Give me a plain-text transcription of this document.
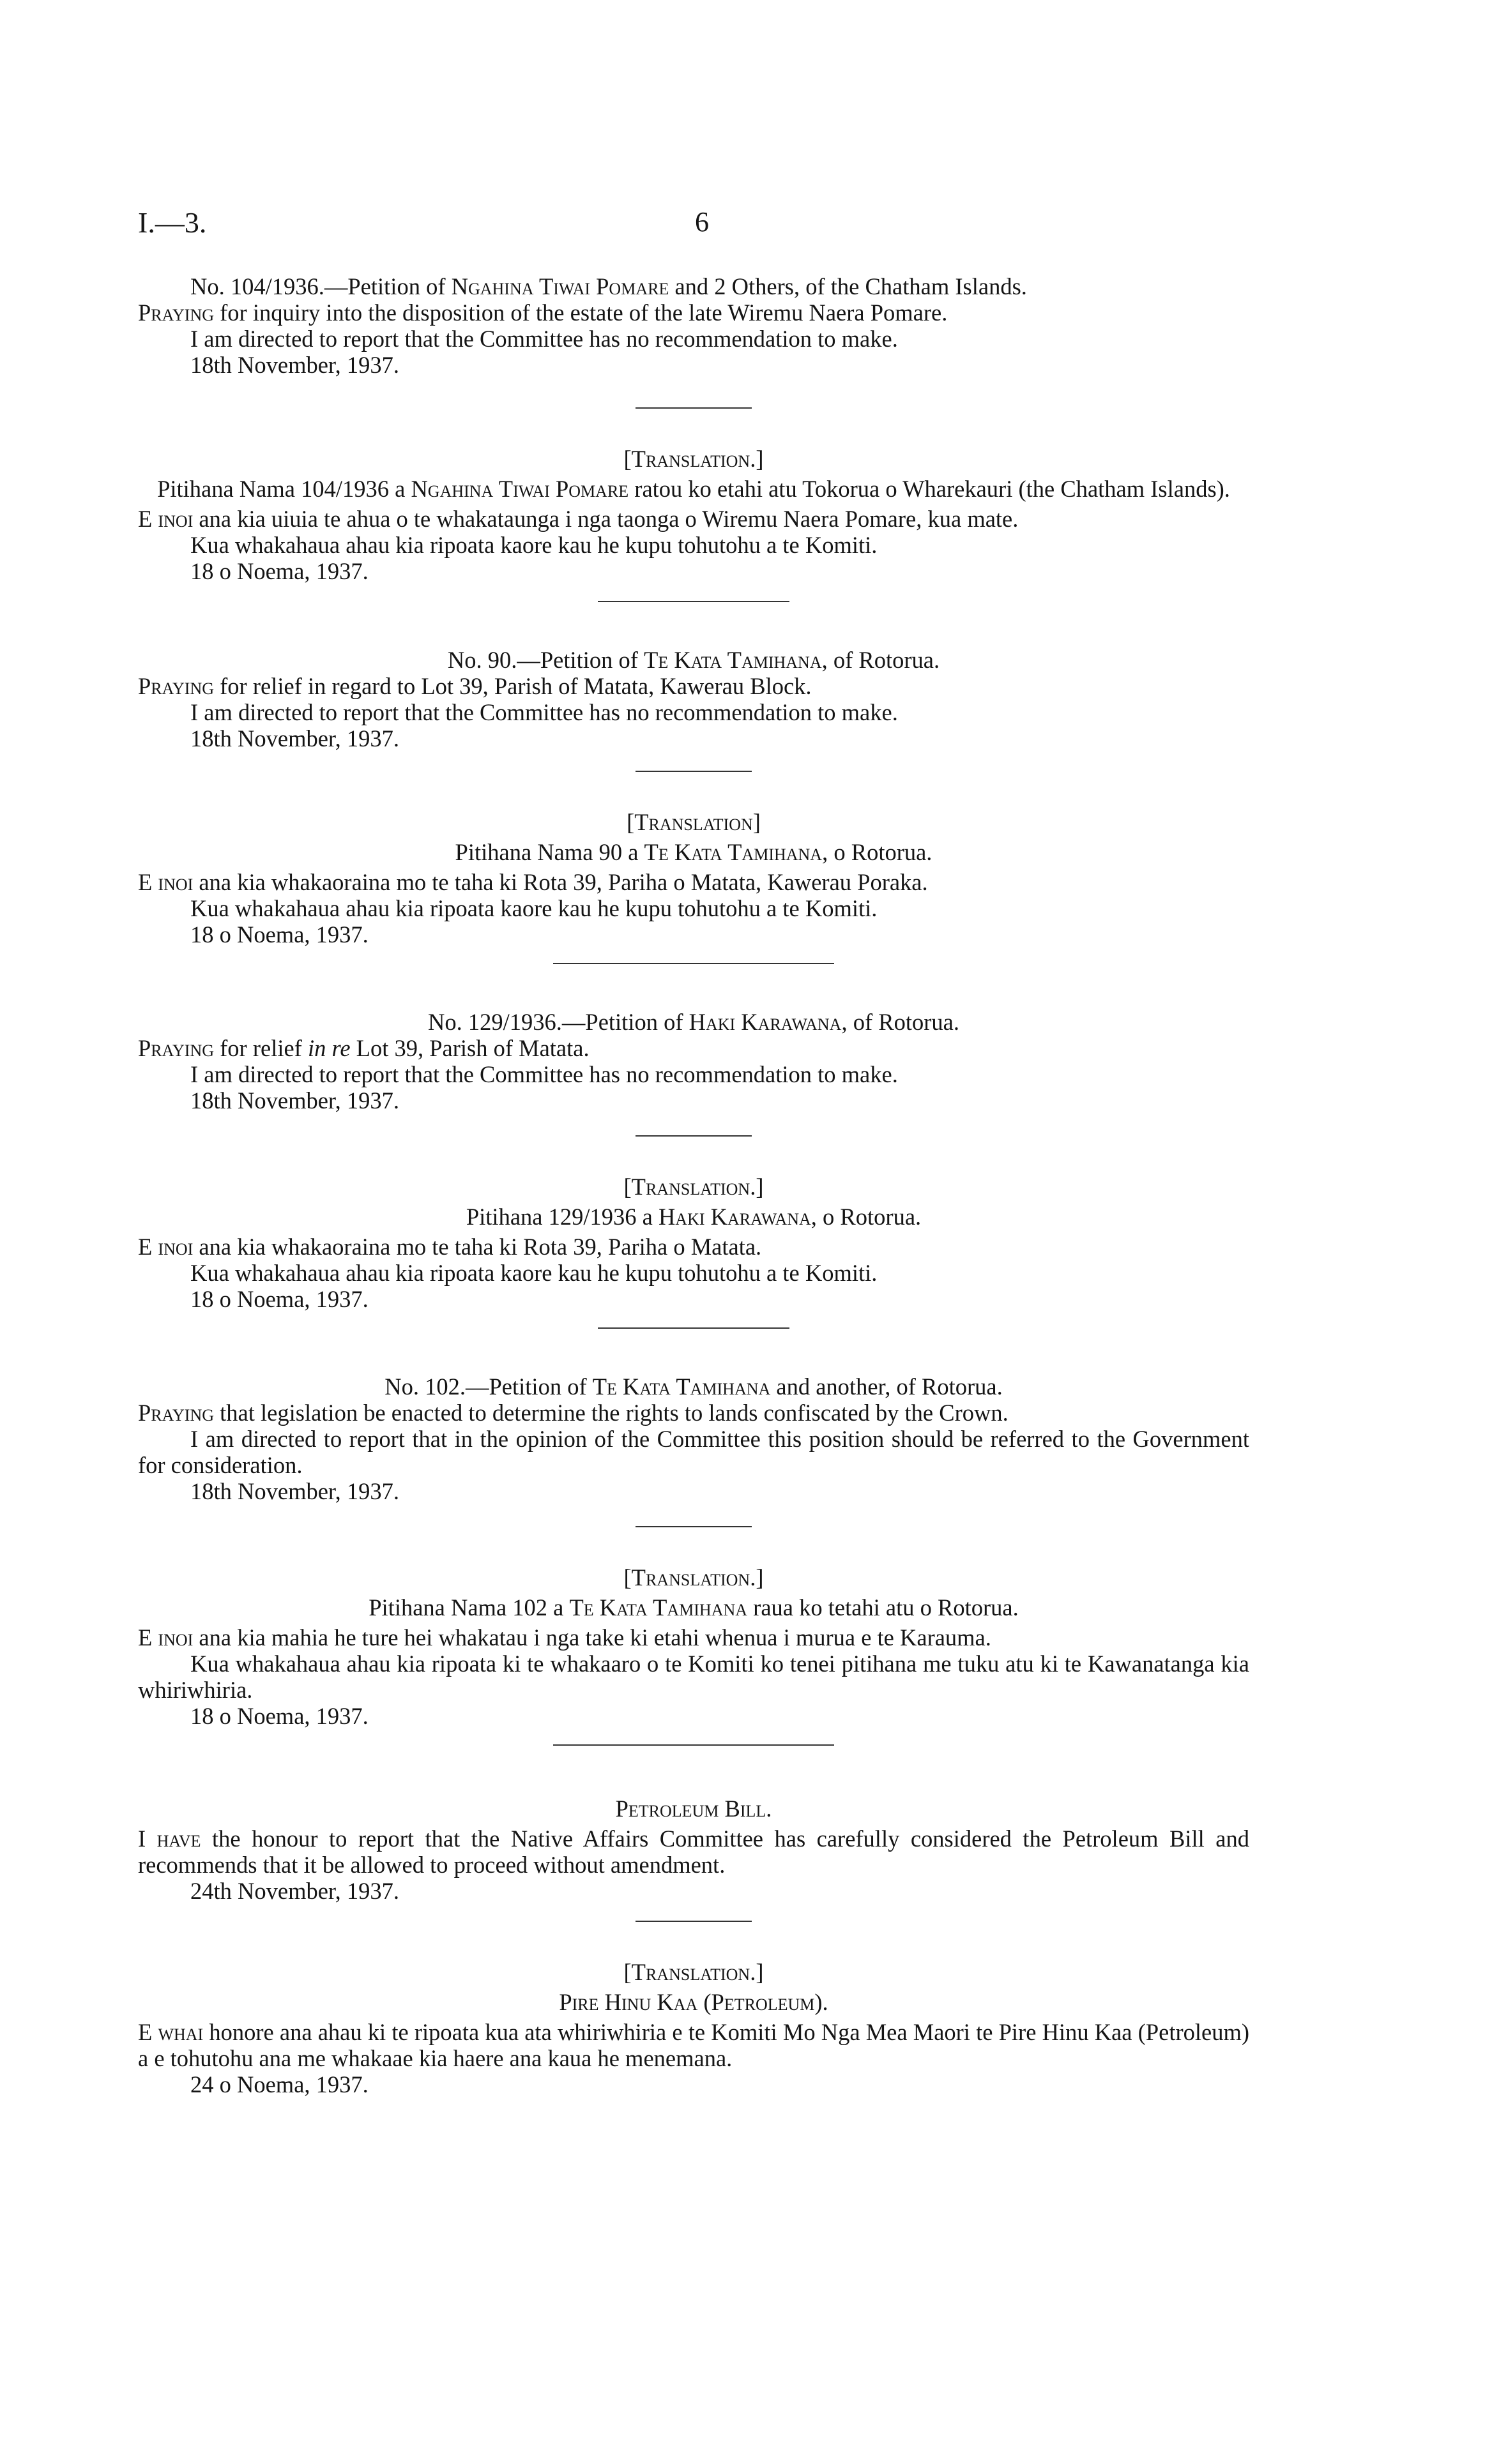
I.—3.	6

No. 104/1936.—Petition of Ngahina Tiwai Pomare and 2 Others, of the Chatham Islands.

Praying for inquiry into the disposition of the estate of the late Wiremu Naera Pomare.

I am directed to report that the Committee has no recommendation to make.

18th November, 1937.

[Translation.]

Pitihana Nama 104/1936 a Ngahina Tiwai Pomare ratou ko etahi atu Tokorua o Wharekauri (the Chatham Islands).

E inoi ana kia uiuia te ahua o te whakataunga i nga taonga o Wiremu Naera Pomare, kua mate.

Kua whakahaua ahau kia ripoata kaore kau he kupu tohutohu a te Komiti.

18 o Noema, 1937.

No. 90.—Petition of Te Kata Tamihana, of Rotorua.

Praying for relief in regard to Lot 39, Parish of Matata, Kawerau Block.

I am directed to report that the Committee has no recommendation to make.

18th November, 1937.

[Translation]

Pitihana Nama 90 a Te Kata Tamihana, o Rotorua.

E inoi ana kia whakaoraina mo te taha ki Rota 39, Pariha o Matata, Kawerau Poraka.

Kua whakahaua ahau kia ripoata kaore kau he kupu tohutohu a te Komiti.

18 o Noema, 1937.

No. 129/1936.—Petition of Haki Karawana, of Rotorua.

Praying for relief in re Lot 39, Parish of Matata.

I am directed to report that the Committee has no recommendation to make.

18th November, 1937.

[Translation.]

Pitihana 129/1936 a Haki Karawana, o Rotorua.

E inoi ana kia whakaoraina mo te taha ki Rota 39, Pariha o Matata.

Kua whakahaua ahau kia ripoata kaore kau he kupu tohutohu a te Komiti.

18 o Noema, 1937.

No. 102.—Petition of Te Kata Tamihana and another, of Rotorua.

Praying that legislation be enacted to determine the rights to lands confiscated by the Crown.

I am directed to report that in the opinion of the Committee this position should be referred to the Government for consideration.

18th November, 1937.

[Translation.]

Pitihana Nama 102 a Te Kata Tamihana raua ko tetahi atu o Rotorua.

E inoi ana kia mahia he ture hei whakatau i nga take ki etahi whenua i murua e te Karauma.

Kua whakahaua ahau kia ripoata ki te whakaaro o te Komiti ko tenei pitihana me tuku atu ki te Kawanatanga kia whiriwhiria.

18 o Noema, 1937.

Petroleum Bill.

I have the honour to report that the Native Affairs Committee has carefully considered the Petroleum Bill and recommends that it be allowed to proceed without amendment.

24th November, 1937.

[Translation.]

Pire Hinu Kaa (Petroleum).

E whai honore ana ahau ki te ripoata kua ata whiriwhiria e te Komiti Mo Nga Mea Maori te Pire Hinu Kaa (Petroleum) a e tohutohu ana me whakaae kia haere ana kaua he menemana.

24 o Noema, 1937.
